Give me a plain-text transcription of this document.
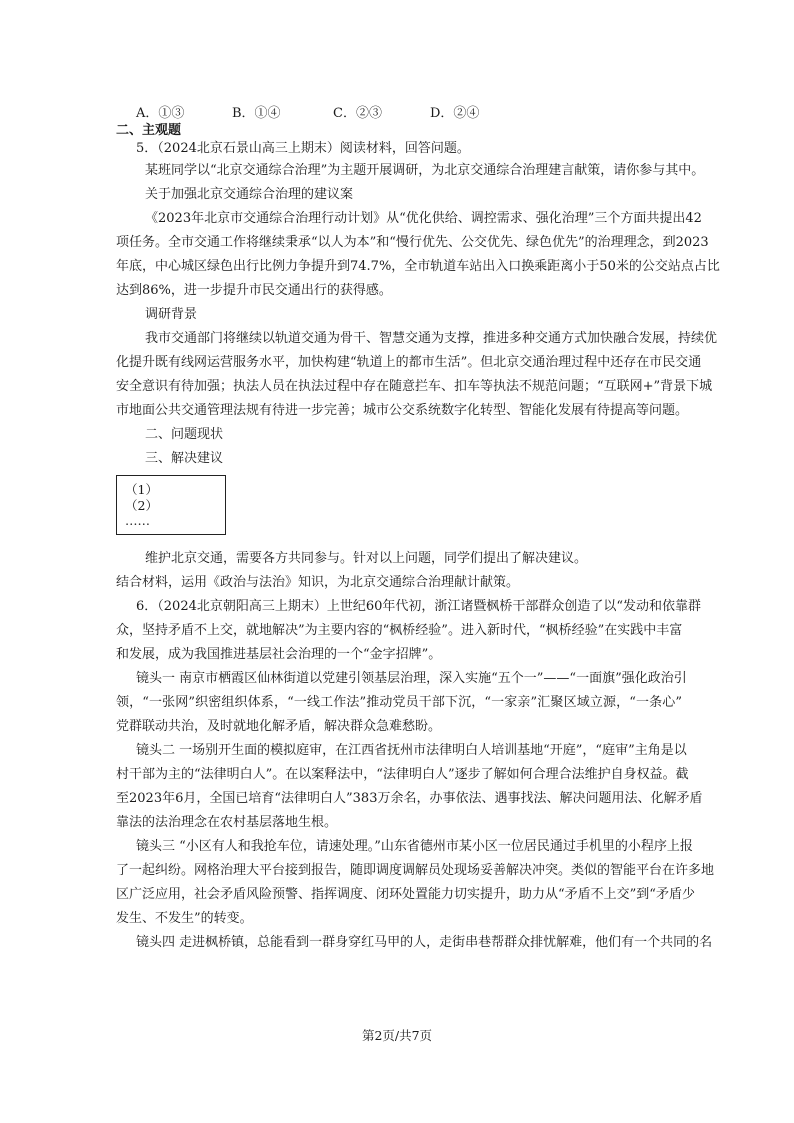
A．①③	B．①④	C．②③	D．②④
二、主观题
5．（2024北京石景山高三上期末）阅读材料，回答问题。
某班同学以“北京交通综合治理”为主题开展调研，为北京交通综合治理建言献策，请你参与其中。
关于加强北京交通综合治理的建议案
《2023年北京市交通综合治理行动计划》从“优化供给、调控需求、强化治理”三个方面共提出42
项任务。全市交通工作将继续秉承“以人为本”和“慢行优先、公交优先、绿色优先”的治理理念，到2023
年底，中心城区绿色出行比例力争提升到74.7%，全市轨道车站出入口换乘距离小于50米的公交站点占比
达到86%，进一步提升市民交通出行的获得感。
调研背景
我市交通部门将继续以轨道交通为骨干、智慧交通为支撑，推进多种交通方式加快融合发展，持续优
化提升既有线网运营服务水平，加快构建“轨道上的都市生活”。但北京交通治理过程中还存在市民交通
安全意识有待加强；执法人员在执法过程中存在随意拦车、扣车等执法不规范问题；“互联网+”背景下城
市地面公共交通管理法规有待进一步完善；城市公交系统数字化转型、智能化发展有待提高等问题。
二、问题现状
三、解决建议
（1）
（2）
……
维护北京交通，需要各方共同参与。针对以上问题，同学们提出了解决建议。
结合材料，运用《政治与法治》知识，为北京交通综合治理献计献策。
6．（2024北京朝阳高三上期末）上世纪60年代初，浙江诸暨枫桥干部群众创造了以“发动和依靠群
众，坚持矛盾不上交，就地解决”为主要内容的“枫桥经验”。进入新时代，“枫桥经验”在实践中丰富
和发展，成为我国推进基层社会治理的一个“金字招牌”。
镜头一 南京市栖霞区仙林街道以党建引领基层治理，深入实施“五个一”——“一面旗”强化政治引
领，“一张网”织密组织体系，“一线工作法”推动党员干部下沉，“一家亲”汇聚区域立源，“一条心”
党群联动共治，及时就地化解矛盾，解决群众急难愁盼。
镜头二 一场别开生面的模拟庭审，在江西省抚州市法律明白人培训基地“开庭”，“庭审”主角是以
村干部为主的“法律明白人”。在以案释法中，“法律明白人”逐步了解如何合理合法维护自身权益。截
至2023年6月，全国已培育“法律明白人”383万余名，办事依法、遇事找法、解决问题用法、化解矛盾
靠法的法治理念在农村基层落地生根。
镜头三 “小区有人和我抢车位，请速处理。”山东省德州市某小区一位居民通过手机里的小程序上报
了一起纠纷。网格治理大平台接到报告，随即调度调解员处现场妥善解决冲突。类似的智能平台在许多地
区广泛应用，社会矛盾风险预警、指挥调度、闭环处置能力切实提升，助力从“矛盾不上交”到“矛盾少
发生、不发生”的转变。
镜头四 走进枫桥镇，总能看到一群身穿红马甲的人，走街串巷帮群众排忧解难，他们有一个共同的名
第2页/共7页
